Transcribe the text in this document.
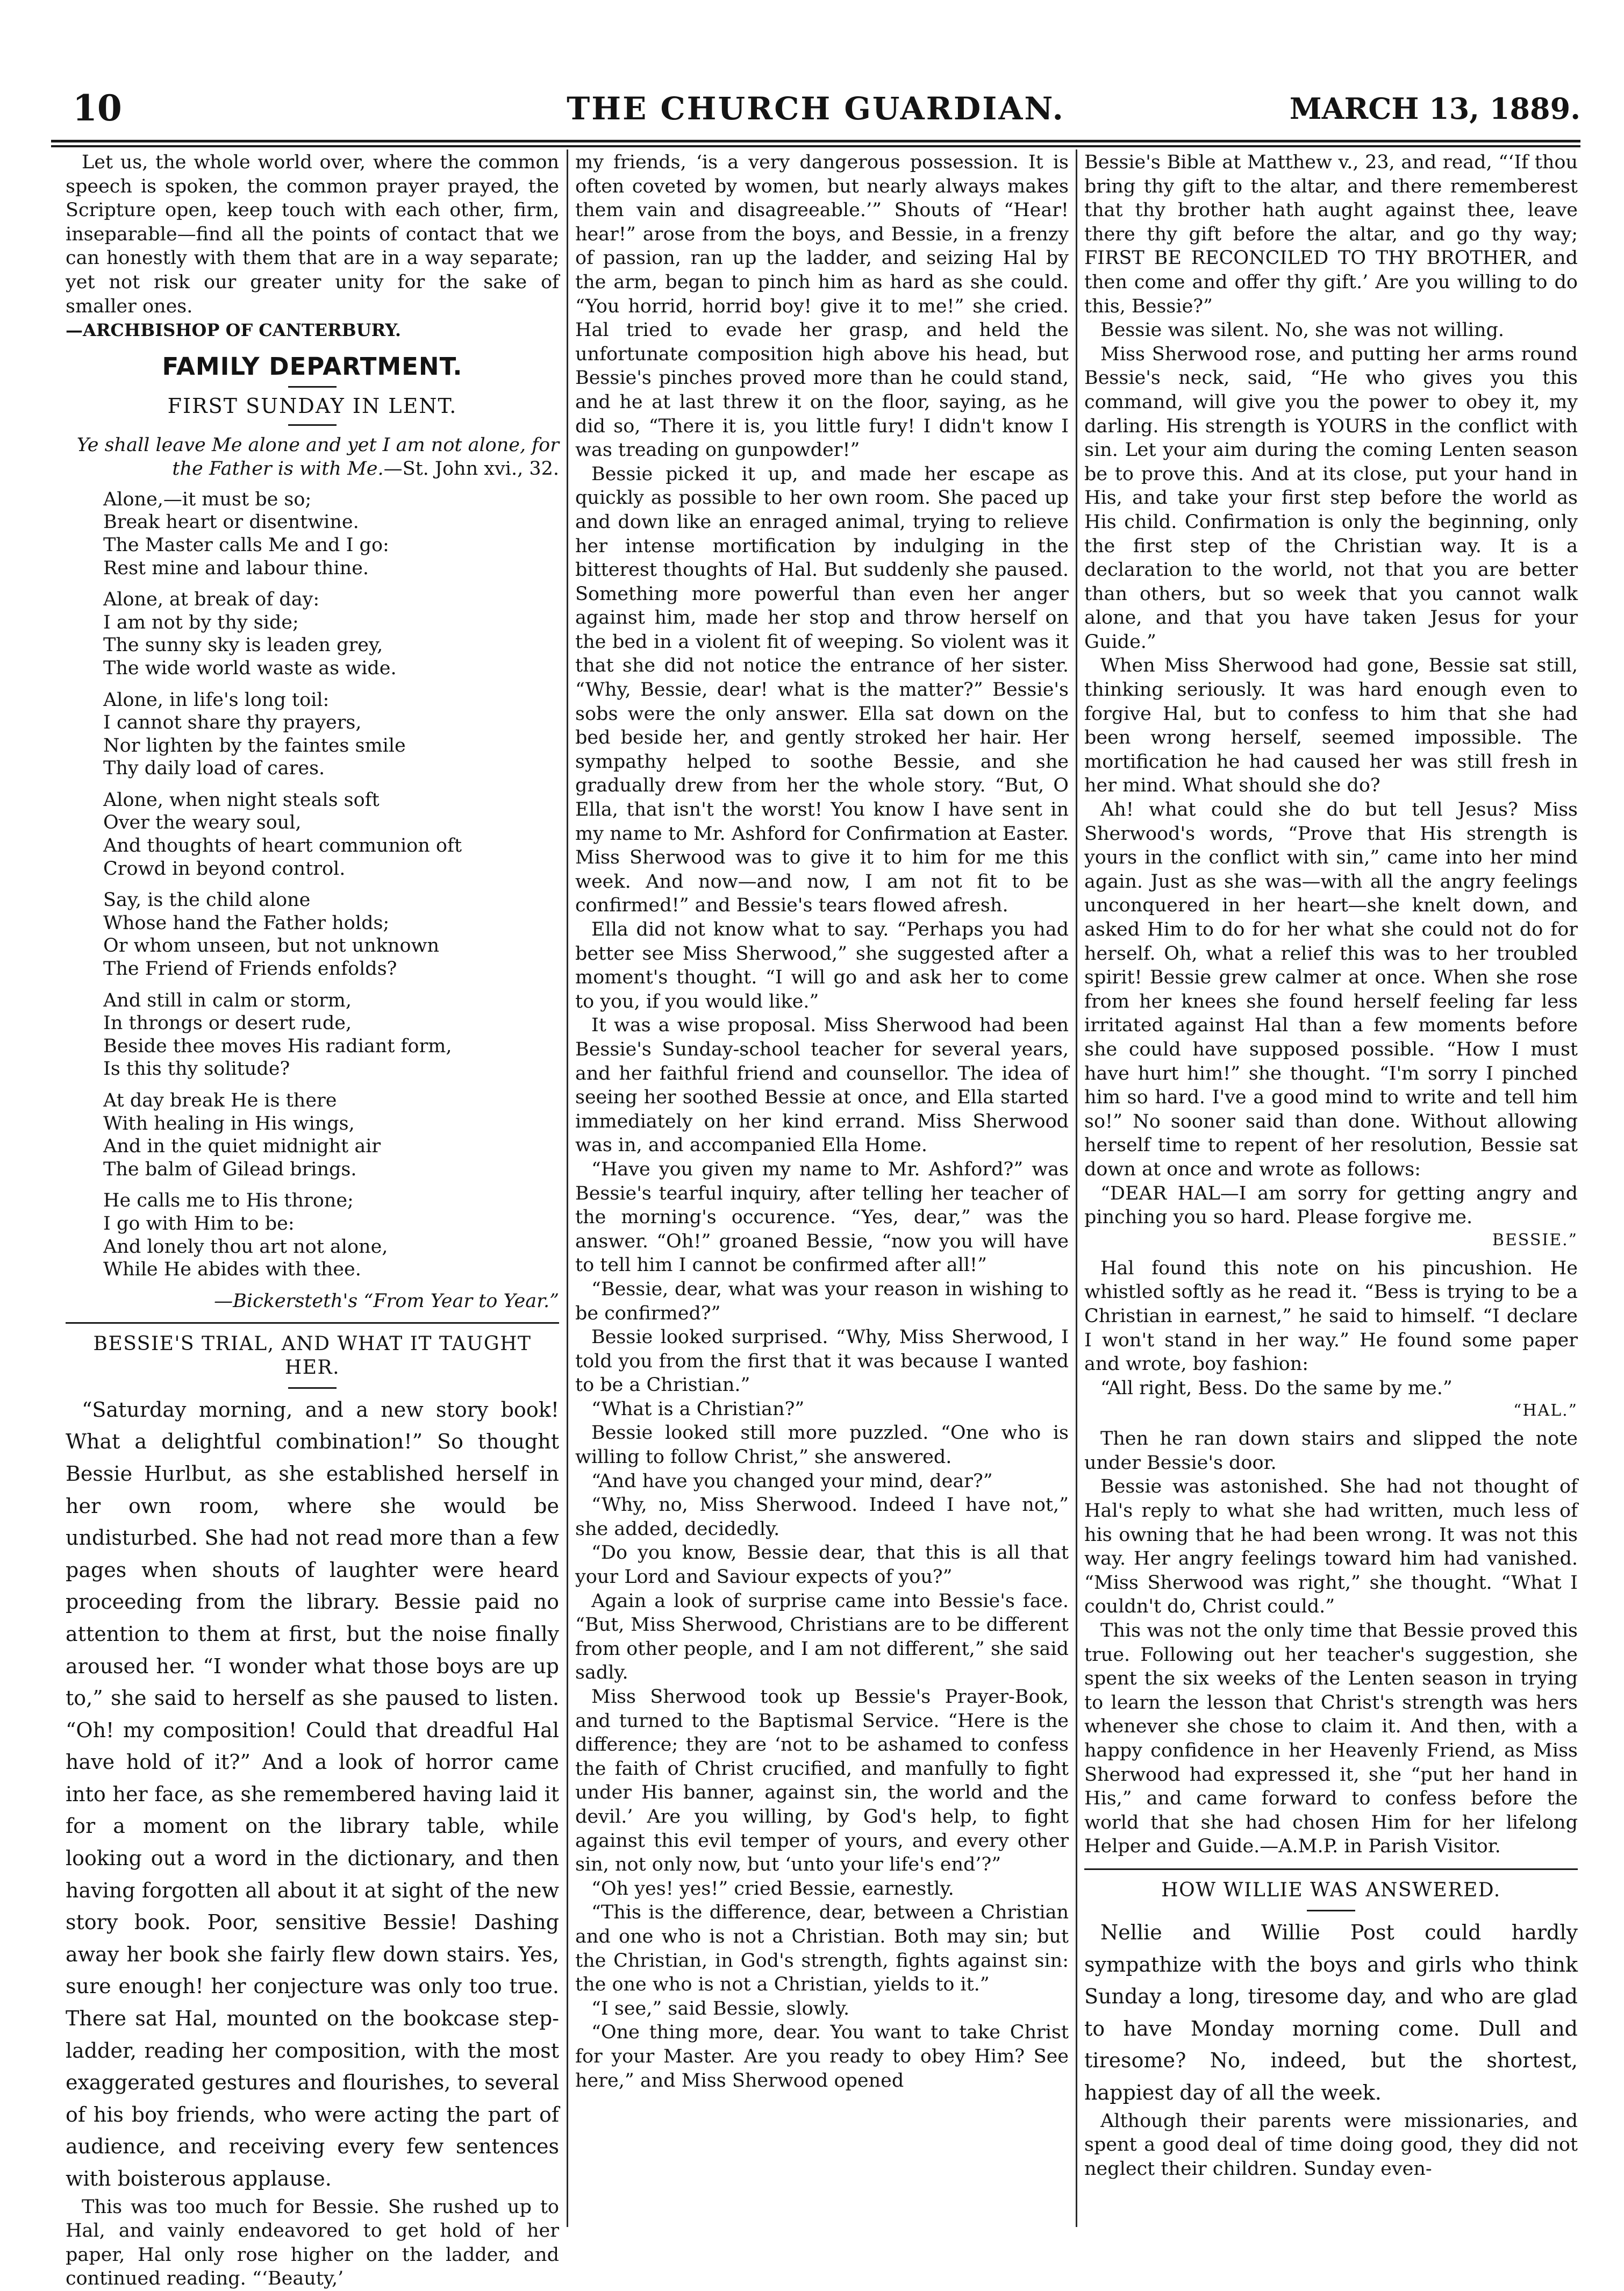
10	THE CHURCH GUARDIAN.	MARCH 13, 1889.

Let us, the whole world over, where the common speech is spoken, the common prayer prayed, the Scripture open, keep touch with each other, firm, inseparable—find all the points of contact that we can honestly with them that are in a way separate; yet not risk our greater unity for the sake of smaller ones.

—ARCHBISHOP OF CANTERBURY.

FAMILY DEPARTMENT.
FIRST SUNDAY IN LENT.

Ye shall leave Me alone and yet I am not alone, for the Father is with Me.—St. John xvi., 32.

Alone,—it must be so;
Break heart or disentwine.
The Master calls Me and I go:
Rest mine and labour thine.
Alone, at break of day:
I am not by thy side;
The sunny sky is leaden grey,
The wide world waste as wide.
Alone, in life's long toil:
I cannot share thy prayers,
Nor lighten by the faintes smile
Thy daily load of cares.
Alone, when night steals soft
Over the weary soul,
And thoughts of heart communion oft
Crowd in beyond control.
Say, is the child alone
Whose hand the Father holds;
Or whom unseen, but not unknown
The Friend of Friends enfolds?
And still in calm or storm,
In throngs or desert rude,
Beside thee moves His radiant form,
Is this thy solitude?
At day break He is there
With healing in His wings,
And in the quiet midnight air
The balm of Gilead brings.
He calls me to His throne;
I go with Him to be:
And lonely thou art not alone,
While He abides with thee.
—Bickersteth's “From Year to Year.”
BESSIE'S TRIAL, AND WHAT IT TAUGHT HER.

“Saturday morning, and a new story book! What a delightful combination!” So thought Bessie Hurlbut, as she established herself in her own room, where she would be undisturbed. She had not read more than a few pages when shouts of laughter were heard proceeding from the library. Bessie paid no attention to them at first, but the noise finally aroused her. “I wonder what those boys are up to,” she said to herself as she paused to listen. “Oh! my composition! Could that dreadful Hal have hold of it?” And a look of horror came into her face, as she remembered having laid it for a moment on the library table, while looking out a word in the dictionary, and then having forgotten all about it at sight of the new story book. Poor, sensitive Bessie! Dashing away her book she fairly flew down stairs. Yes, sure enough! her conjecture was only too true. There sat Hal, mounted on the bookcase step-ladder, reading her composition, with the most exaggerated gestures and flourishes, to several of his boy friends, who were acting the part of audience, and receiving every few sentences with boisterous applause.

This was too much for Bessie. She rushed up to Hal, and vainly endeavored to get hold of her paper, Hal only rose higher on the ladder, and continued reading. “‘Beauty,’

my friends, ‘is a very dangerous possession. It is often coveted by women, but nearly always makes them vain and disagreeable.’” Shouts of “Hear! hear!” arose from the boys, and Bessie, in a frenzy of passion, ran up the ladder, and seizing Hal by the arm, began to pinch him as hard as she could. “You horrid, horrid boy! give it to me!” she cried. Hal tried to evade her grasp, and held the unfortunate composition high above his head, but Bessie's pinches proved more than he could stand, and he at last threw it on the floor, saying, as he did so, “There it is, you little fury! I didn't know I was treading on gunpowder!”

Bessie picked it up, and made her escape as quickly as possible to her own room. She paced up and down like an enraged animal, trying to relieve her intense mortification by indulging in the bitterest thoughts of Hal. But suddenly she paused. Something more powerful than even her anger against him, made her stop and throw herself on the bed in a violent fit of weeping. So violent was it that she did not notice the entrance of her sister. “Why, Bessie, dear! what is the matter?” Bessie's sobs were the only answer. Ella sat down on the bed beside her, and gently stroked her hair. Her sympathy helped to soothe Bessie, and she gradually drew from her the whole story. “But, O Ella, that isn't the worst! You know I have sent in my name to Mr. Ashford for Confirmation at Easter. Miss Sherwood was to give it to him for me this week. And now—and now, I am not fit to be confirmed!” and Bessie's tears flowed afresh.

Ella did not know what to say. “Perhaps you had better see Miss Sherwood,” she suggested after a moment's thought. “I will go and ask her to come to you, if you would like.”

It was a wise proposal. Miss Sherwood had been Bessie's Sunday-school teacher for several years, and her faithful friend and counsellor. The idea of seeing her soothed Bessie at once, and Ella started immediately on her kind errand. Miss Sherwood was in, and accompanied Ella Home.

“Have you given my name to Mr. Ashford?” was Bessie's tearful inquiry, after telling her teacher of the morning's occurence. “Yes, dear,” was the answer. “Oh!” groaned Bessie, “now you will have to tell him I cannot be confirmed after all!”

“Bessie, dear, what was your reason in wishing to be confirmed?”

Bessie looked surprised. “Why, Miss Sherwood, I told you from the first that it was because I wanted to be a Christian.”

“What is a Christian?”

Bessie looked still more puzzled. “One who is willing to follow Christ,” she answered.

“And have you changed your mind, dear?”

“Why, no, Miss Sherwood. Indeed I have not,” she added, decidedly.

“Do you know, Bessie dear, that this is all that your Lord and Saviour expects of you?”

Again a look of surprise came into Bessie's face. “But, Miss Sherwood, Christians are to be different from other people, and I am not different,” she said sadly.

Miss Sherwood took up Bessie's Prayer-Book, and turned to the Baptismal Service. “Here is the difference; they are ‘not to be ashamed to confess the faith of Christ crucified, and manfully to fight under His banner, against sin, the world and the devil.’ Are you willing, by God's help, to fight against this evil temper of yours, and every other sin, not only now, but ‘unto your life's end’?”

“Oh yes! yes!” cried Bessie, earnestly.

“This is the difference, dear, between a Christian and one who is not a Christian. Both may sin; but the Christian, in God's strength, fights against sin: the one who is not a Christian, yields to it.”

“I see,” said Bessie, slowly.

“One thing more, dear. You want to take Christ for your Master. Are you ready to obey Him? See here,” and Miss Sherwood opened

Bessie's Bible at Matthew v., 23, and read, “‘If thou bring thy gift to the altar, and there rememberest that thy brother hath aught against thee, leave there thy gift before the altar, and go thy way; FIRST BE RECONCILED TO THY BROTHER, and then come and offer thy gift.’ Are you willing to do this, Bessie?”

Bessie was silent. No, she was not willing.

Miss Sherwood rose, and putting her arms round Bessie's neck, said, “He who gives you this command, will give you the power to obey it, my darling. His strength is YOURS in the conflict with sin. Let your aim during the coming Lenten season be to prove this. And at its close, put your hand in His, and take your first step before the world as His child. Confirmation is only the beginning, only the first step of the Christian way. It is a declaration to the world, not that you are better than others, but so week that you cannot walk alone, and that you have taken Jesus for your Guide.”

When Miss Sherwood had gone, Bessie sat still, thinking seriously. It was hard enough even to forgive Hal, but to confess to him that she had been wrong herself, seemed impossible. The mortification he had caused her was still fresh in her mind. What should she do?

Ah! what could she do but tell Jesus? Miss Sherwood's words, “Prove that His strength is yours in the conflict with sin,” came into her mind again. Just as she was—with all the angry feelings unconquered in her heart—she knelt down, and asked Him to do for her what she could not do for herself. Oh, what a relief this was to her troubled spirit! Bessie grew calmer at once. When she rose from her knees she found herself feeling far less irritated against Hal than a few moments before she could have supposed possible. “How I must have hurt him!” she thought. “I'm sorry I pinched him so hard. I've a good mind to write and tell him so!” No sooner said than done. Without allowing herself time to repent of her resolution, Bessie sat down at once and wrote as follows:

“DEAR HAL—I am sorry for getting angry and pinching you so hard. Please forgive me.

BESSIE.”

Hal found this note on his pincushion. He whistled softly as he read it. “Bess is trying to be a Christian in earnest,” he said to himself. “I declare I won't stand in her way.” He found some paper and wrote, boy fashion:

“All right, Bess. Do the same by me.”

“HAL.”

Then he ran down stairs and slipped the note under Bessie's door.

Bessie was astonished. She had not thought of Hal's reply to what she had written, much less of his owning that he had been wrong. It was not this way. Her angry feelings toward him had vanished. “Miss Sherwood was right,” she thought. “What I couldn't do, Christ could.”

This was not the only time that Bessie proved this true. Following out her teacher's suggestion, she spent the six weeks of the Lenten season in trying to learn the lesson that Christ's strength was hers whenever she chose to claim it. And then, with a happy confidence in her Heavenly Friend, as Miss Sherwood had expressed it, she “put her hand in His,” and came forward to confess before the world that she had chosen Him for her lifelong Helper and Guide.—A.M.P. in Parish Visitor.

HOW WILLIE WAS ANSWERED.

Nellie and Willie Post could hardly sympathize with the boys and girls who think Sunday a long, tiresome day, and who are glad to have Monday morning come. Dull and tiresome? No, indeed, but the shortest, happiest day of all the week.

Although their parents were missionaries, and spent a good deal of time doing good, they did not neglect their children. Sunday even-
